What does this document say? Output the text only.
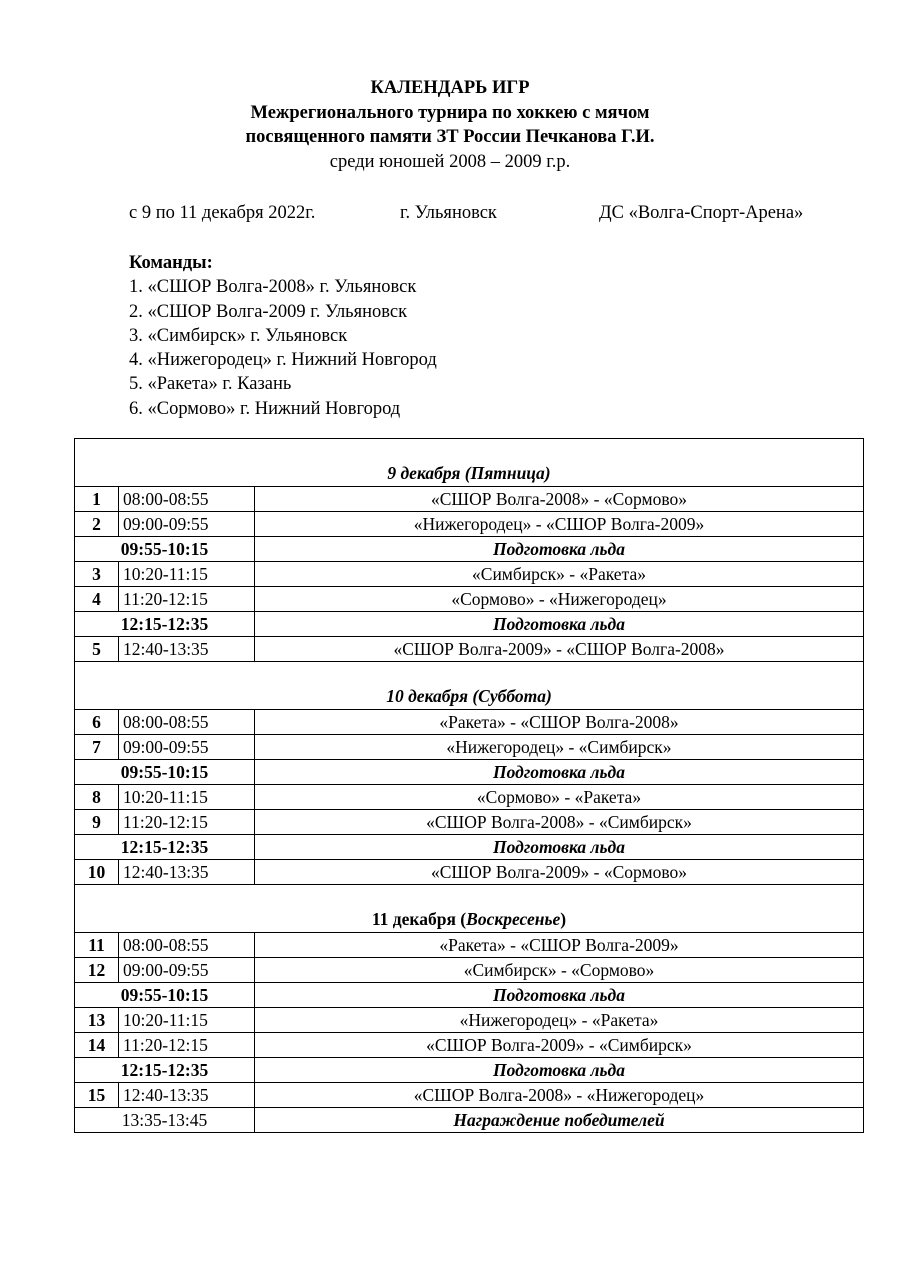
КАЛЕНДАРЬ ИГР
Межрегионального турнира по хоккею с мячом
посвященного памяти ЗТ России Печканова Г.И.
среди юношей 2008 – 2009 г.р.
с 9 по 11 декабря 2022г.	г. Ульяновск	ДС «Волга-Спорт-Арена»
Команды:
1. «СШОР Волга-2008» г. Ульяновск
2. «СШОР Волга-2009 г. Ульяновск
3. «Симбирск» г. Ульяновск
4. «Нижегородец» г. Нижний Новгород
5. «Ракета» г. Казань
6. «Сормово» г. Нижний Новгород
9 декабря (Пятница)		
1	08:00-08:55	«СШОР Волга-2008» - «Сормово»
2	09:00-09:55	«Нижегородец» - «СШОР Волга-2009»
09:55-10:15		Подготовка льда
3	10:20-11:15	«Симбирск» - «Ракета»
4	11:20-12:15	«Сормово» - «Нижегородец»
12:15-12:35		Подготовка льда
5	12:40-13:35	«СШОР Волга-2009» - «СШОР Волга-2008»
10 декабря (Суббота)		
6	08:00-08:55	«Ракета» - «СШОР Волга-2008»
7	09:00-09:55	«Нижегородец» - «Симбирск»
09:55-10:15		Подготовка льда
8	10:20-11:15	«Сормово» - «Ракета»
9	11:20-12:15	«СШОР Волга-2008» - «Симбирск»
12:15-12:35		Подготовка льда
10	12:40-13:35	«СШОР Волга-2009» - «Сормово»
11 декабря (Воскресенье)		
11	08:00-08:55	«Ракета» - «СШОР Волга-2009»
12	09:00-09:55	«Симбирск» - «Сормово»
09:55-10:15		Подготовка льда
13	10:20-11:15	«Нижегородец» - «Ракета»
14	11:20-12:15	«СШОР Волга-2009» - «Симбирск»
12:15-12:35		Подготовка льда
15	12:40-13:35	«СШОР Волга-2008» - «Нижегородец»
13:35-13:45		Награждение победителей
